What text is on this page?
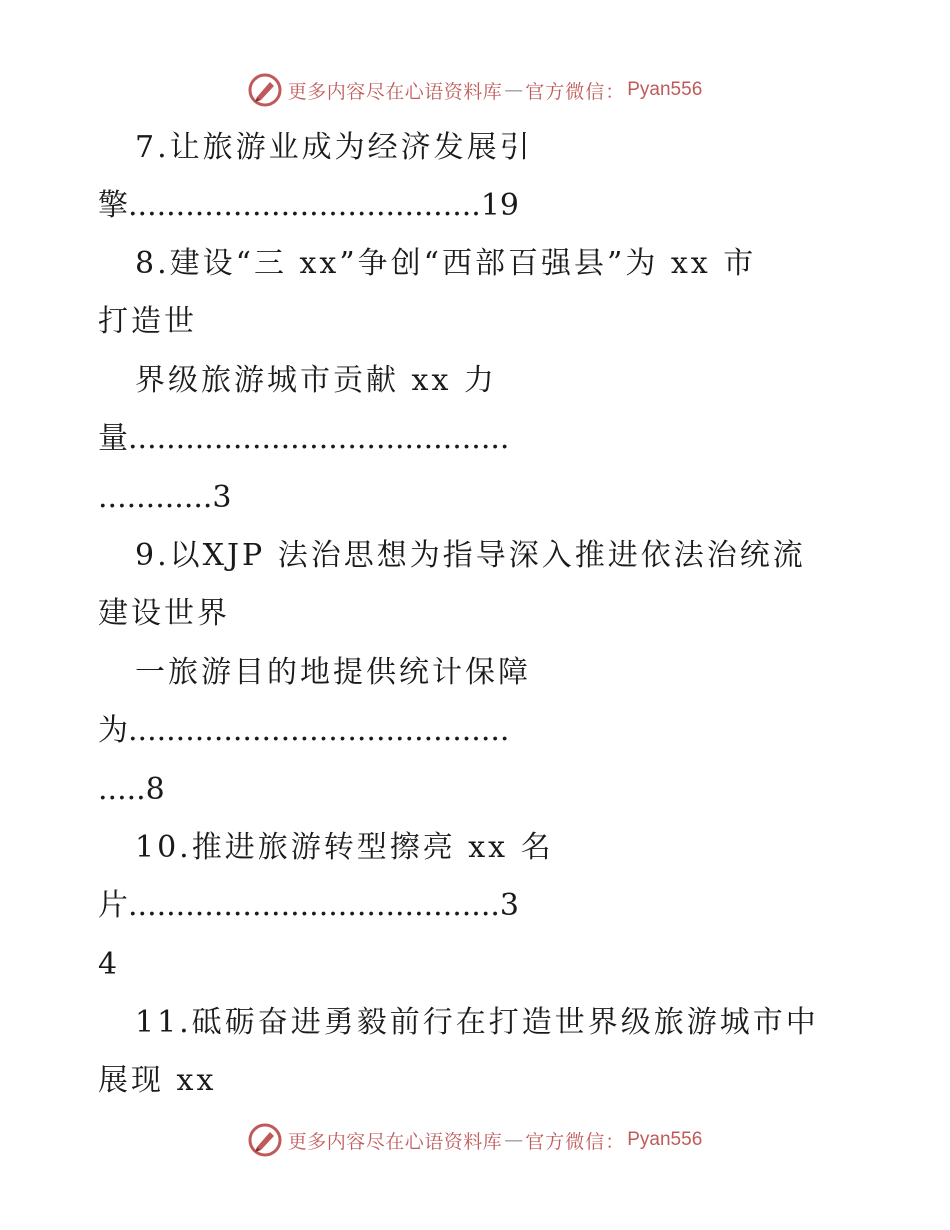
更多内容尽在心语资料库 — 官方微信： Pyan556
7.让旅游业成为经济发展引
擎.....................................19
8.建设“三 xx”争创“西部百强县”为 xx 市
打造世
界级旅游城市贡献 xx 力
量........................................
............3
9.以XJP 法治思想为指导深入推进依法治统流
建设世界
一旅游目的地提供统计保障
为........................................
.....8
10.推进旅游转型擦亮 xx 名
片.......................................3
4
11.砥砺奋进勇毅前行在打造世界级旅游城市中
展现 xx
更多内容尽在心语资料库 — 官方微信： Pyan556
